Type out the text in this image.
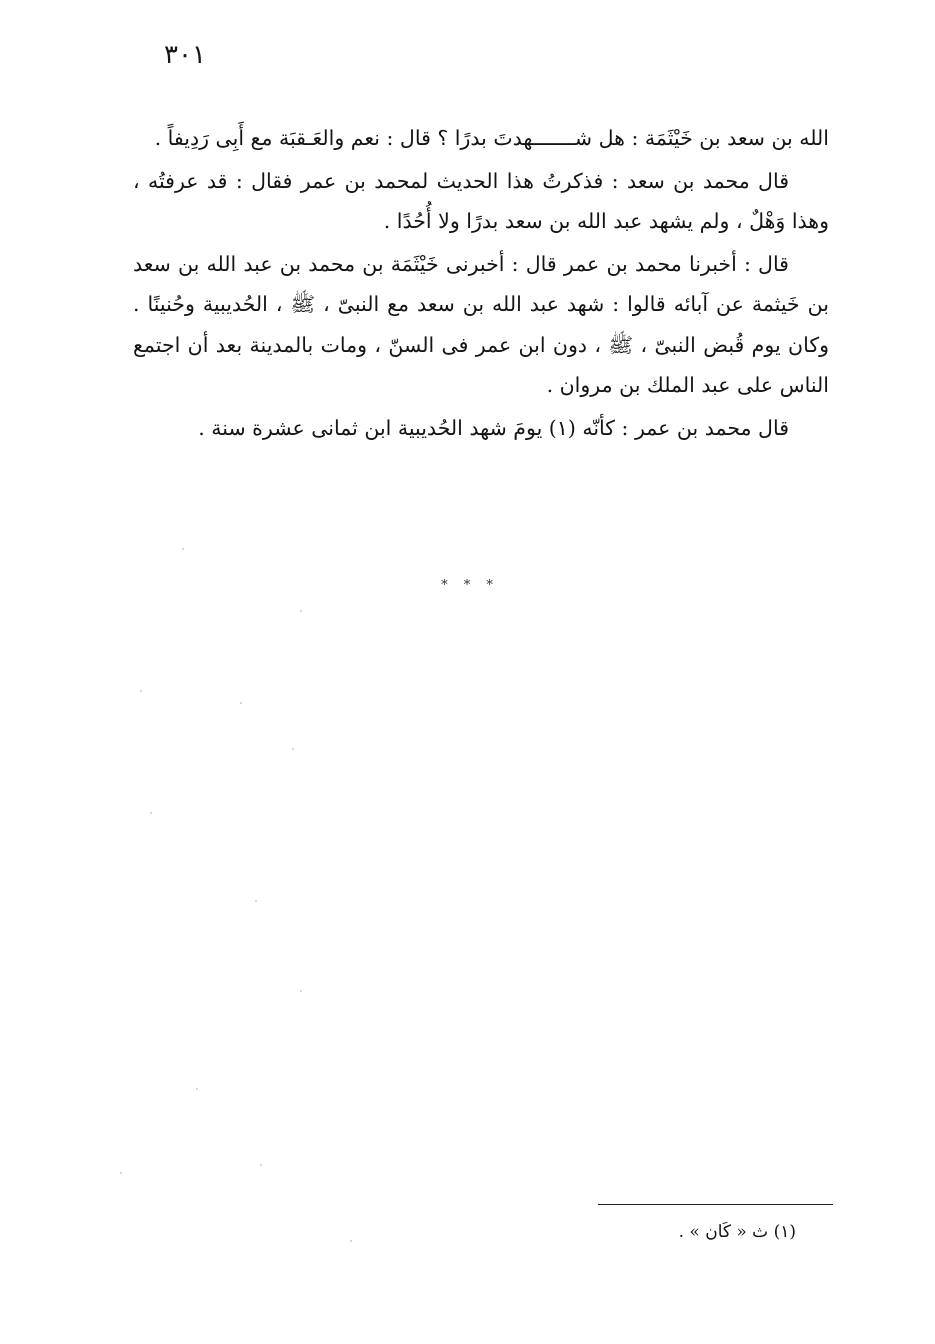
٣٠١

الله بن سعد بن خَيْثَمَة : هل شـــــــهدتَ بدرًا ؟ قال : نعم والعَـقبَة مع أَبِى رَدِيفاً .

قال محمد بن سعد : فذكرتُ هذا الحديث لمحمد بن عمر فقال : قد عرفتُه ، وهذا وَهْلٌ ، ولم يشهد عبد الله بن سعد بدرًا ولا أُحُدًا .

قال : أخبرنا محمد بن عمر قال : أخبرنى خَيْثَمَة بن محمد بن عبد الله بن سعد بن خَيثمة عن آبائه قالوا : شهد عبد الله بن سعد مع النبىّ ، ﷺ ، الحُديبية وحُنينًا . وكان يوم قُبض النبىّ ، ﷺ ، دون ابن عمر فى السنّ ، ومات بالمدينة بعد أن اجتمع الناس على عبد الملك بن مروان .

قال محمد بن عمر : كأنّه (١) يومَ شهد الحُديبية ابن ثمانى عشرة سنة .

* * *
(١) ث « كَان » .
